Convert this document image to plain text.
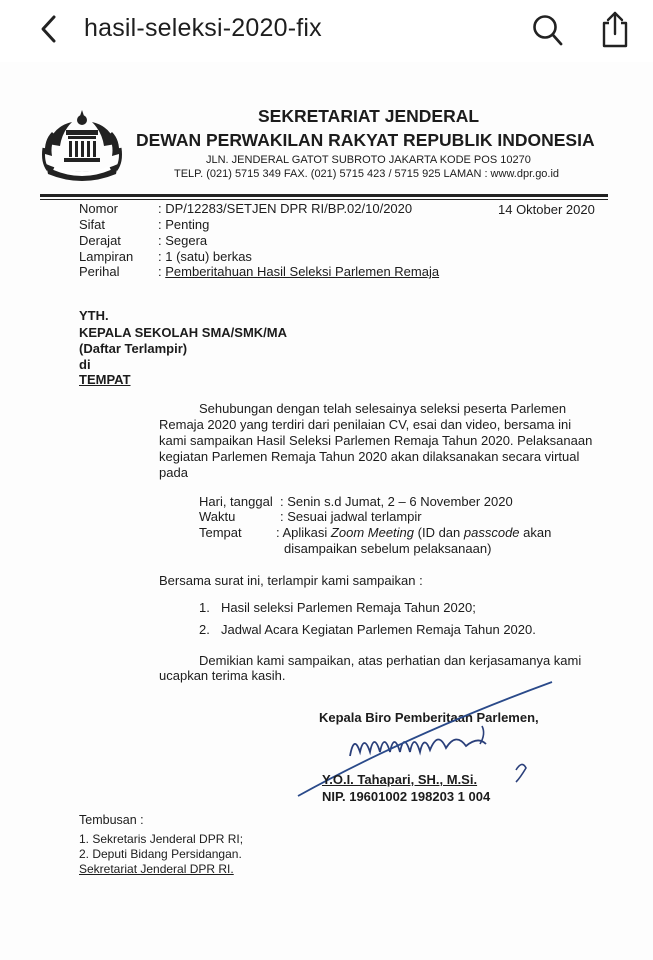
hasil-seleksi-2020-fix
SEKRETARIAT JENDERAL
DEWAN PERWAKILAN RAKYAT REPUBLIK INDONESIA
JLN. JENDERAL GATOT SUBROTO JAKARTA KODE POS 10270
TELP. (021) 5715 349 FAX. (021) 5715 423 / 5715 925 LAMAN : www.dpr.go.id
14 Oktober 2020
Nomor	: DP/12283/SETJEN DPR RI/BP.02/10/2020
Sifat	: Penting
Derajat	: Segera
Lampiran : 1 (satu) berkas
Perihal	: Pemberitahuan Hasil Seleksi Parlemen Remaja
YTH.
KEPALA SEKOLAH SMA/SMK/MA
(Daftar Terlampir)
di
TEMPAT
Sehubungan dengan telah selesainya seleksi peserta Parlemen
Remaja 2020 yang terdiri dari penilaian CV, esai dan video, bersama ini
kami sampaikan Hasil Seleksi Parlemen Remaja Tahun 2020. Pelaksanaan
kegiatan Parlemen Remaja Tahun 2020 akan dilaksanakan secara virtual
pada
Hari, tanggal : Senin s.d Jumat, 2 – 6 November 2020
Waktu	: Sesuai jadwal terlampir
Tempat	: Aplikasi Zoom Meeting (ID dan passcode akan
disampaikan sebelum pelaksanaan)
Bersama surat ini, terlampir kami sampaikan :
1. Hasil seleksi Parlemen Remaja Tahun 2020;
2. Jadwal Acara Kegiatan Parlemen Remaja Tahun 2020.
Demikian kami sampaikan, atas perhatian dan kerjasamanya kami
ucapkan terima kasih.
Kepala Biro Pemberitaan Parlemen,
Y.O.I. Tahapari, SH., M.Si.
NIP. 19601002 198203 1 004
Tembusan :
1. Sekretaris Jenderal DPR RI;
2. Deputi Bidang Persidangan.
Sekretariat Jenderal DPR RI.
